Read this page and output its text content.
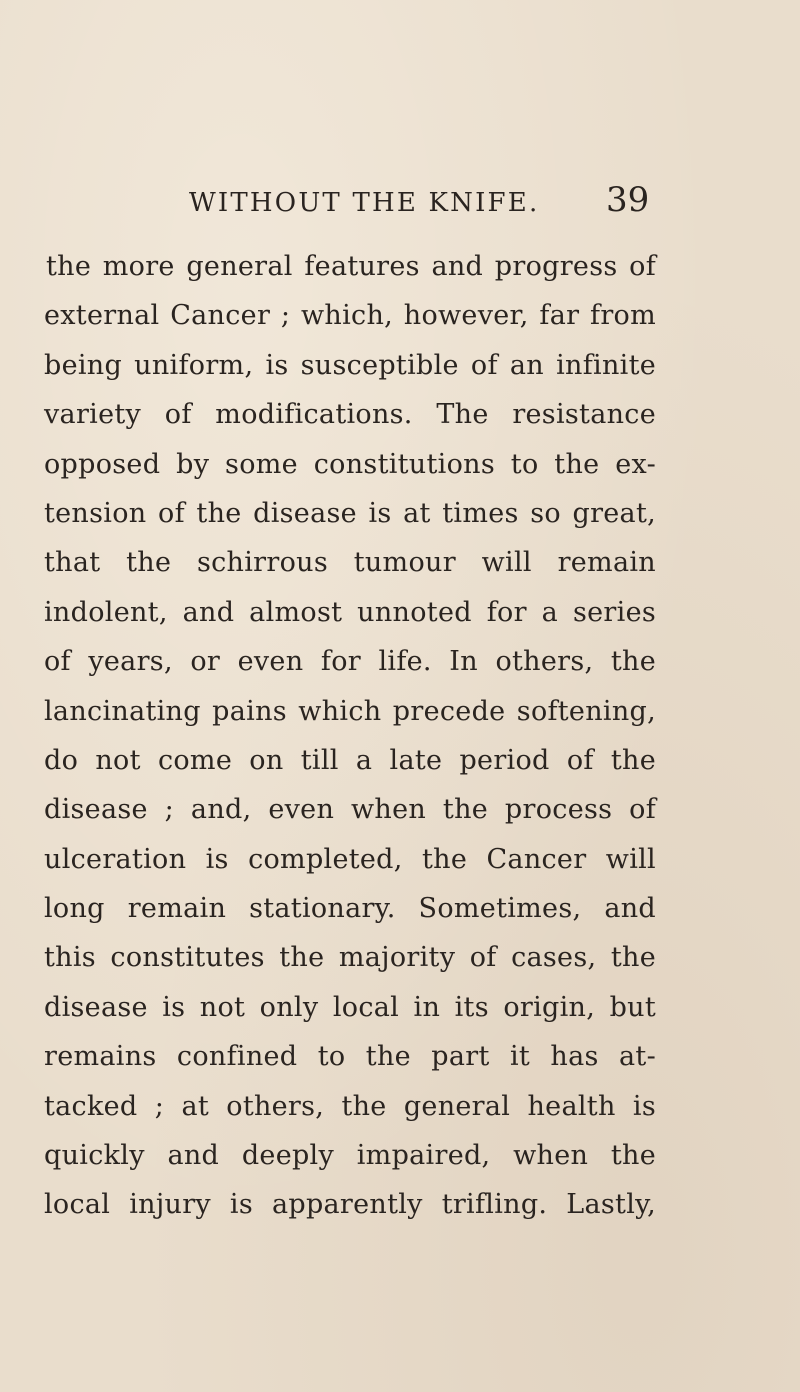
WITHOUT THE KNIFE. 39
the more general features and progress of
external Cancer ; which, however, far from
being uniform, is susceptible of an infinite
variety of modifications. The resistance
opposed by some constitutions to the ex-
tension of the disease is at times so great,
that the schirrous tumour will remain
indolent, and almost unnoted for a series
of years, or even for life. In others, the
lancinating pains which precede softening,
do not come on till a late period of the
disease ; and, even when the process of
ulceration is completed, the Cancer will
long remain stationary. Sometimes, and
this constitutes the majority of cases, the
disease is not only local in its origin, but
remains confined to the part it has at-
tacked ; at others, the general health is
quickly and deeply impaired, when the
local injury is apparently trifling. Lastly,
